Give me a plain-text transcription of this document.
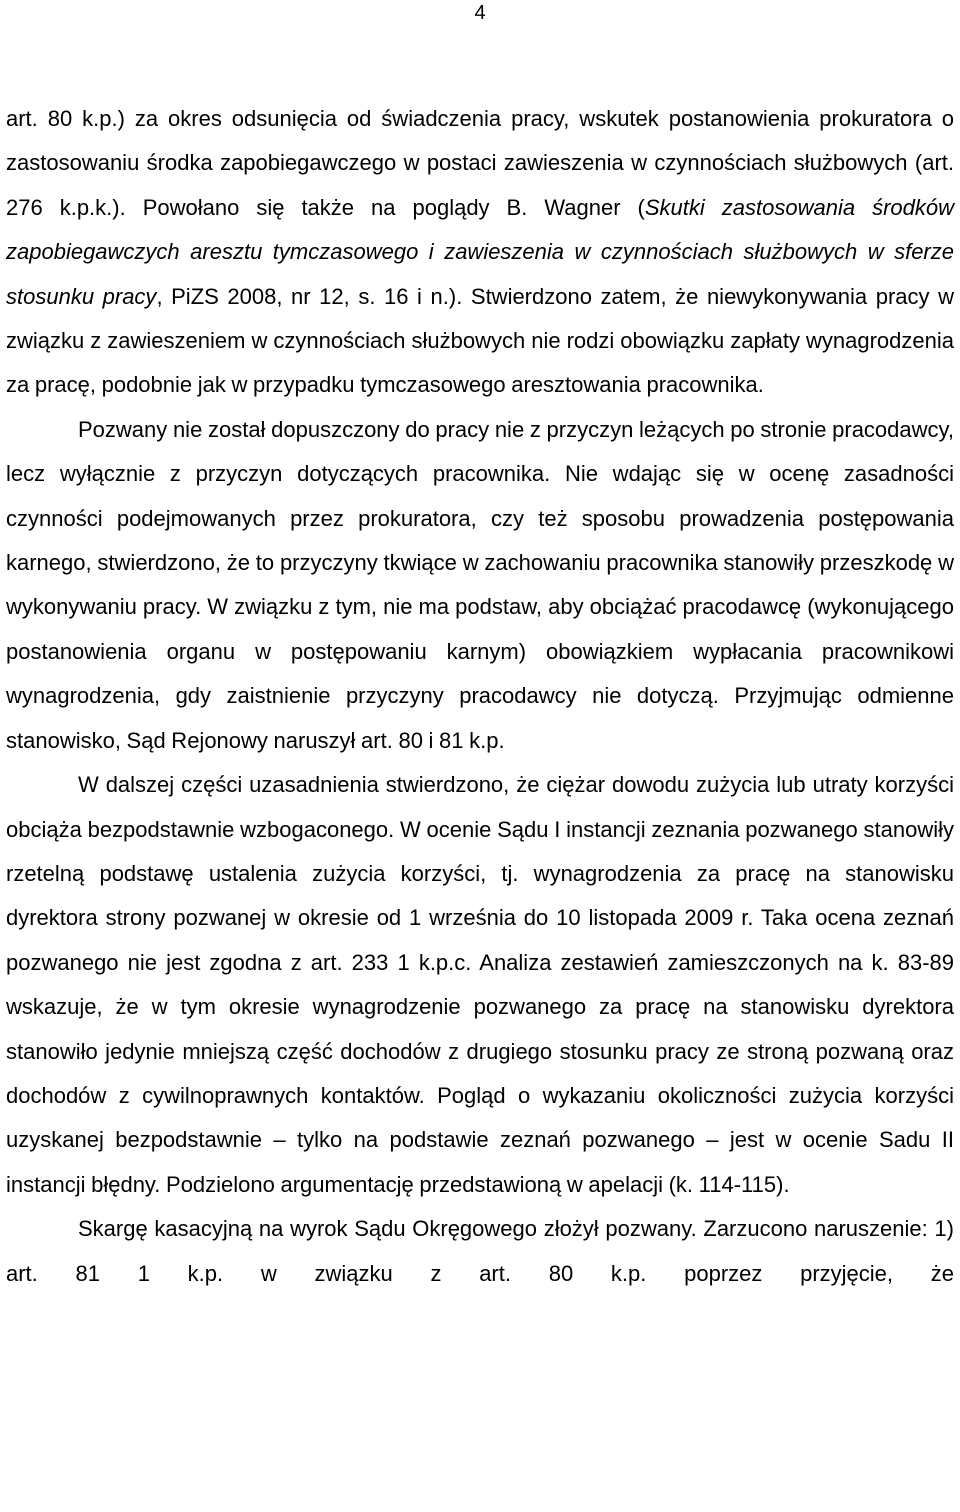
4

art. 80 k.p.) za okres odsunięcia od świadczenia pracy, wskutek postanowienia prokuratora o zastosowaniu środka zapobiegawczego w postaci zawieszenia w czynnościach służbowych (art. 276 k.p.k.). Powołano się także na poglądy B. Wagner (Skutki zastosowania środków zapobiegawczych aresztu tymczasowego i zawieszenia w czynnościach służbowych w sferze stosunku pracy, PiZS 2008, nr 12, s. 16 i n.). Stwierdzono zatem, że niewykonywania pracy w związku z zawieszeniem w czynnościach służbowych nie rodzi obowiązku zapłaty wynagrodzenia za pracę, podobnie jak w przypadku tymczasowego aresztowania pracownika.

Pozwany nie został dopuszczony do pracy nie z przyczyn leżących po stronie pracodawcy, lecz wyłącznie z przyczyn dotyczących pracownika. Nie wdając się w ocenę zasadności czynności podejmowanych przez prokuratora, czy też sposobu prowadzenia postępowania karnego, stwierdzono, że to przyczyny tkwiące w zachowaniu pracownika stanowiły przeszkodę w wykonywaniu pracy. W związku z tym, nie ma podstaw, aby obciążać pracodawcę (wykonującego postanowienia organu w postępowaniu karnym) obowiązkiem wypłacania pracownikowi wynagrodzenia, gdy zaistnienie przyczyny pracodawcy nie dotyczą. Przyjmując odmienne stanowisko, Sąd Rejonowy naruszył art. 80 i 81 k.p.

W dalszej części uzasadnienia stwierdzono, że ciężar dowodu zużycia lub utraty korzyści obciąża bezpodstawnie wzbogaconego. W ocenie Sądu I instancji zeznania pozwanego stanowiły rzetelną podstawę ustalenia zużycia korzyści, tj. wynagrodzenia za pracę na stanowisku dyrektora strony pozwanej w okresie od 1 września do 10 listopada 2009 r. Taka ocena zeznań pozwanego nie jest zgodna z art. 233 1 k.p.c. Analiza zestawień zamieszczonych na k. 83-89 wskazuje, że w tym okresie wynagrodzenie pozwanego za pracę na stanowisku dyrektora stanowiło jedynie mniejszą część dochodów z drugiego stosunku pracy ze stroną pozwaną oraz dochodów z cywilnoprawnych kontaktów. Pogląd o wykazaniu okoliczności zużycia korzyści uzyskanej bezpodstawnie – tylko na podstawie zeznań pozwanego – jest w ocenie Sadu II instancji błędny. Podzielono argumentację przedstawioną w apelacji (k. 114-115).

Skargę kasacyjną na wyrok Sądu Okręgowego złożył pozwany. Zarzucono naruszenie: 1) art. 81 1 k.p. w związku z art. 80 k.p. poprzez przyjęcie, że
